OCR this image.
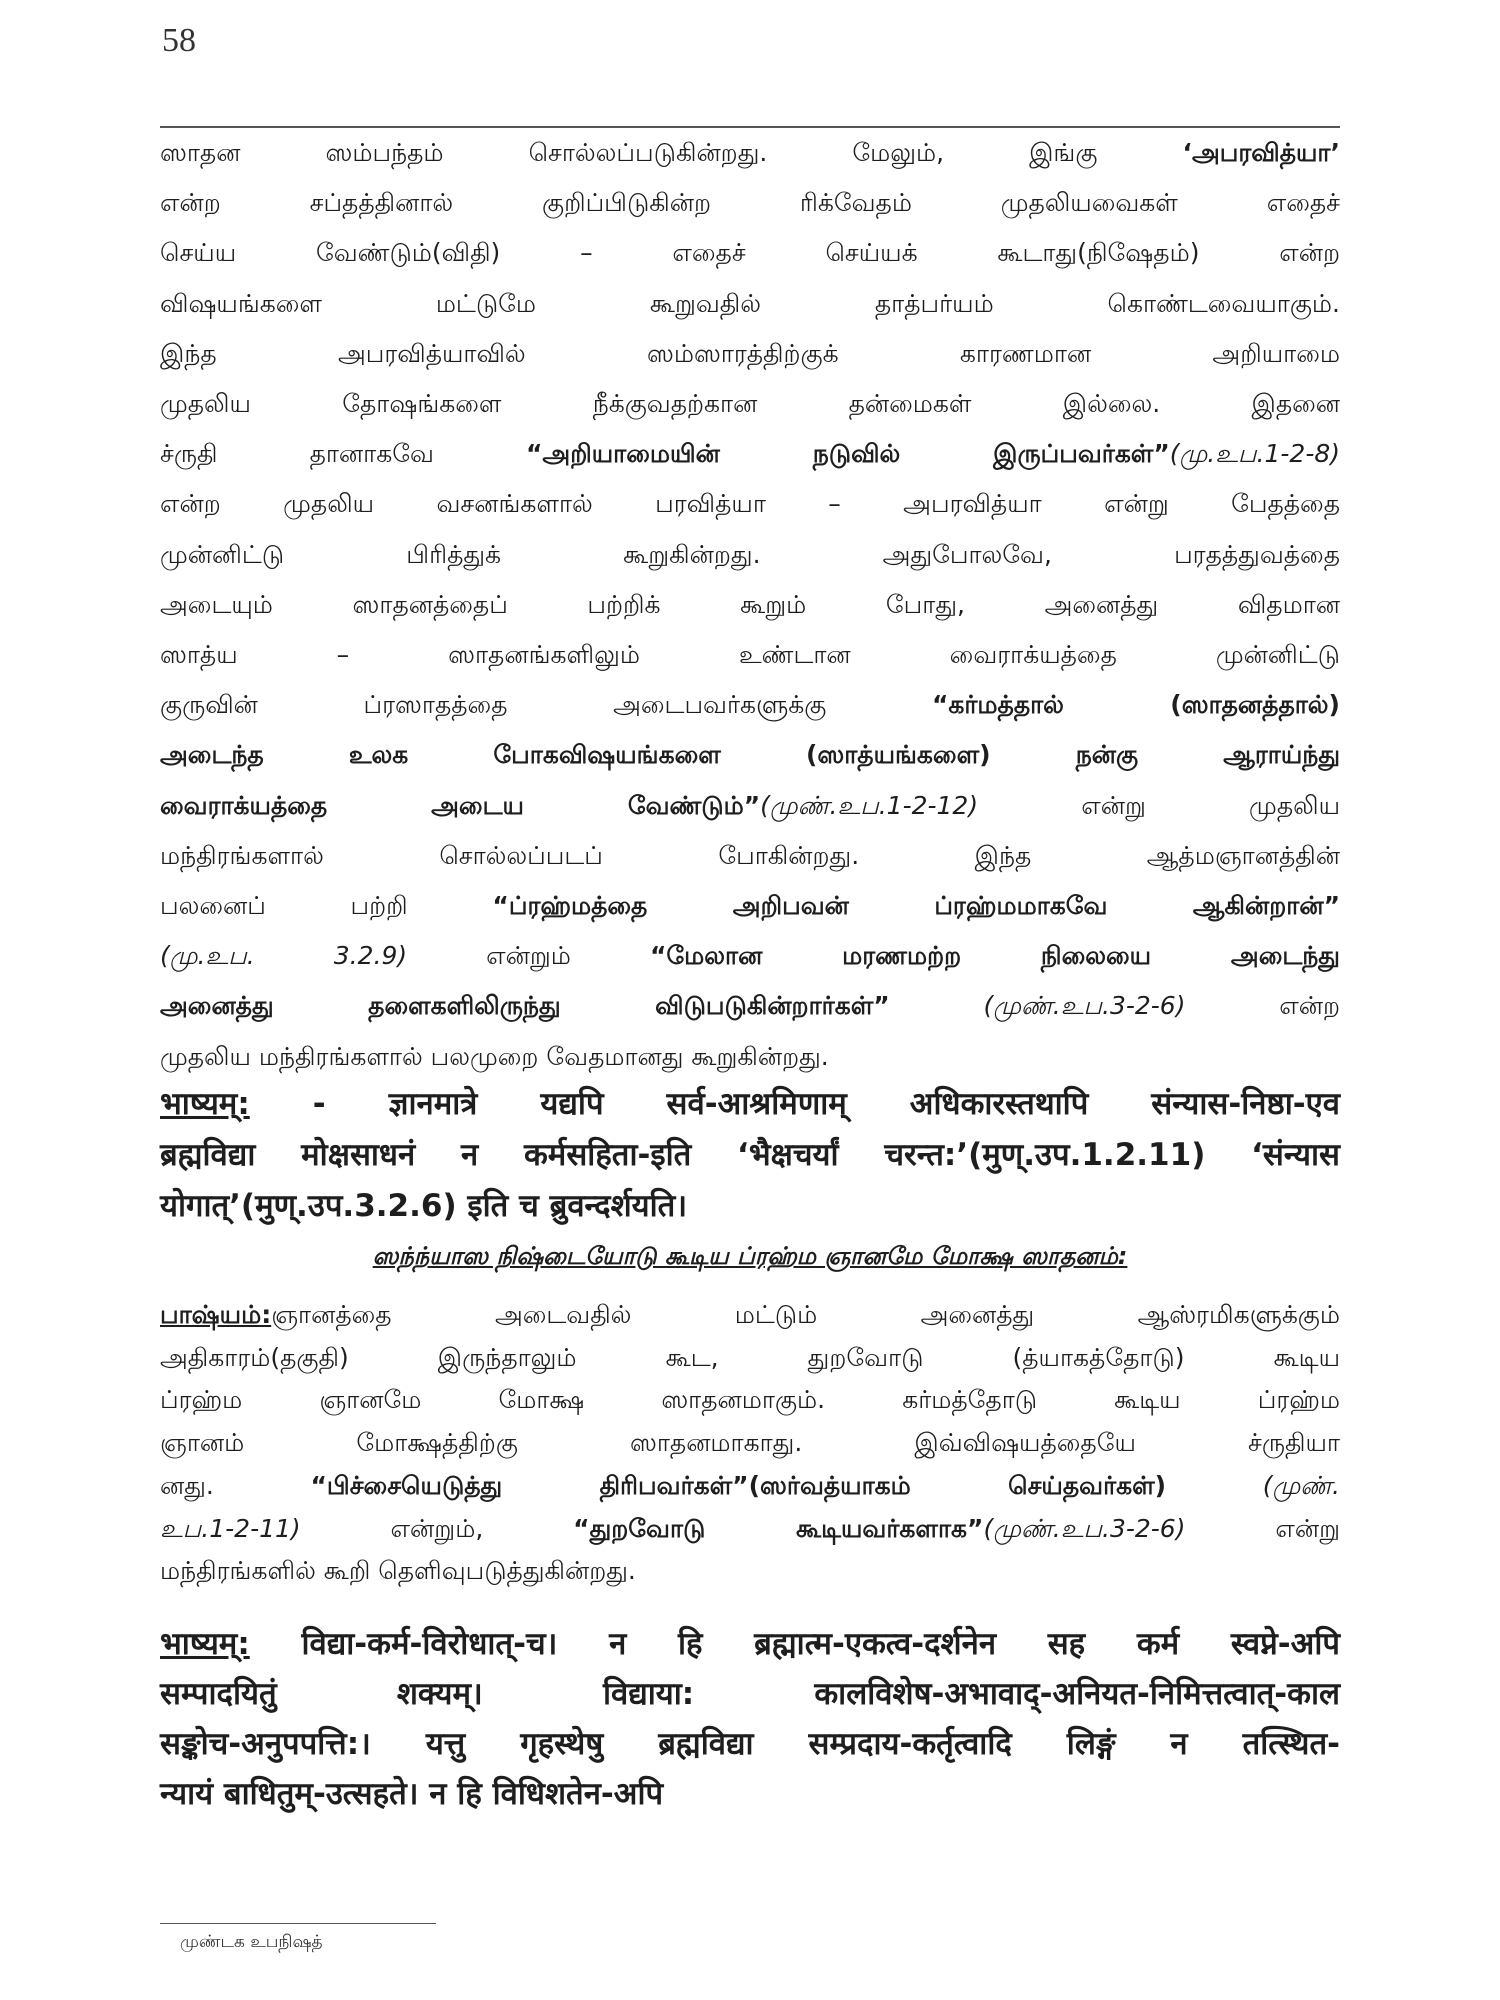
58
ஸாதன ஸம்பந்தம் சொல்லப்படுகின்றது. மேலும், இங்கு ‘அபரவித்யா’
என்ற சப்தத்தினால் குறிப்பிடுகின்ற ரிக்வேதம் முதலியவைகள் எதைச்
செய்ய வேண்டும்(விதி) – எதைச் செய்யக் கூடாது(நிஷேதம்) என்ற
விஷயங்களை மட்டுமே கூறுவதில் தாத்பர்யம் கொண்டவையாகும்.
இந்த அபரவித்யாவில் ஸம்ஸாரத்திற்குக் காரணமான அறியாமை
முதலிய தோஷங்களை நீக்குவதற்கான தன்மைகள் இல்லை. இதனை
ச்ருதி தானாகவே “அறியாமையின் நடுவில் இருப்பவர்கள்”(மு.உப.1-2-8)
என்ற முதலிய வசனங்களால் பரவித்யா – அபரவித்யா என்று பேதத்தை
முன்னிட்டு பிரித்துக் கூறுகின்றது. அதுபோலவே, பரதத்துவத்தை
அடையும் ஸாதனத்தைப் பற்றிக் கூறும் போது, அனைத்து விதமான
ஸாத்ய – ஸாதனங்களிலும் உண்டான வைராக்யத்தை முன்னிட்டு
குருவின் ப்ரஸாதத்தை அடைபவர்களுக்கு “கர்மத்தால் (ஸாதனத்தால்)
அடைந்த உலக போகவிஷயங்களை (ஸாத்யங்களை) நன்கு ஆராய்ந்து
வைராக்யத்தை அடைய வேண்டும்”(முண்.உப.1-2-12) என்று முதலிய
மந்திரங்களால் சொல்லப்படப் போகின்றது. இந்த ஆத்மஞானத்தின்
பலனைப் பற்றி “ப்ரஹ்மத்தை அறிபவன் ப்ரஹ்மமாகவே ஆகின்றான்”
(மு.உப. 3.2.9) என்றும் “மேலான மரணமற்ற நிலையை அடைந்து
அனைத்து தளைகளிலிருந்து விடுபடுகின்றார்கள்” (முண்.உப.3-2-6) என்ற
முதலிய மந்திரங்களால் பலமுறை வேதமானது கூறுகின்றது.
भाष्यम्: - ज्ञानमात्रे यद्यपि सर्व-आश्रमिणाम् अधिकारस्तथापि संन्यास-निष्ठा-एव
ब्रह्मविद्या मोक्षसाधनं न कर्मसहिता-इति ‘भैक्षचर्यां चरन्त:’(मुण्.उप.1.2.11) ‘संन्यास
योगात्’(मुण्.उप.3.2.6) इति च ब्रुवन्दर्शयति।
ஸந்ந்யாஸ நிஷ்டையோடு கூடிய ப்ரஹ்ம ஞானமே மோக்ஷ ஸாதனம்:
பாஷ்யம்:ஞானத்தை அடைவதில் மட்டும் அனைத்து ஆஸ்ரமிகளுக்கும்
அதிகாரம்(தகுதி) இருந்தாலும் கூட, துறவோடு (த்யாகத்தோடு) கூடிய
ப்ரஹ்ம ஞானமே மோக்ஷ ஸாதனமாகும். கர்மத்தோடு கூடிய ப்ரஹ்ம
ஞானம் மோக்ஷத்திற்கு ஸாதனமாகாது. இவ்விஷயத்தையே ச்ருதியா
னது. “பிச்சையெடுத்து திரிபவர்கள்”(ஸர்வத்யாகம் செய்தவர்கள்) (முண்.
உப.1-2-11) என்றும், “துறவோடு கூடியவர்களாக”(முண்.உப.3-2-6) என்று
மந்திரங்களில் கூறி தெளிவுபடுத்துகின்றது.
भाष्यम्: विद्या-कर्म-विरोधात्-च। न हि ब्रह्मात्म-एकत्व-दर्शनेन सह कर्म स्वप्ने-अपि
सम्पादयितुं शक्यम्। विद्याया: कालविशेष-अभावाद्-अनियत-निमित्तत्वात्-काल
सङ्कोच-अनुपपत्ति:। यत्तु गृहस्थेषु ब्रह्मविद्या सम्प्रदाय-कर्तृत्वादि लिङ्गं न तत्स्थित-
न्यायं बाधितुम्-उत्सहते। न हि विधिशतेन-अपि
முண்டக உபநிஷத்
